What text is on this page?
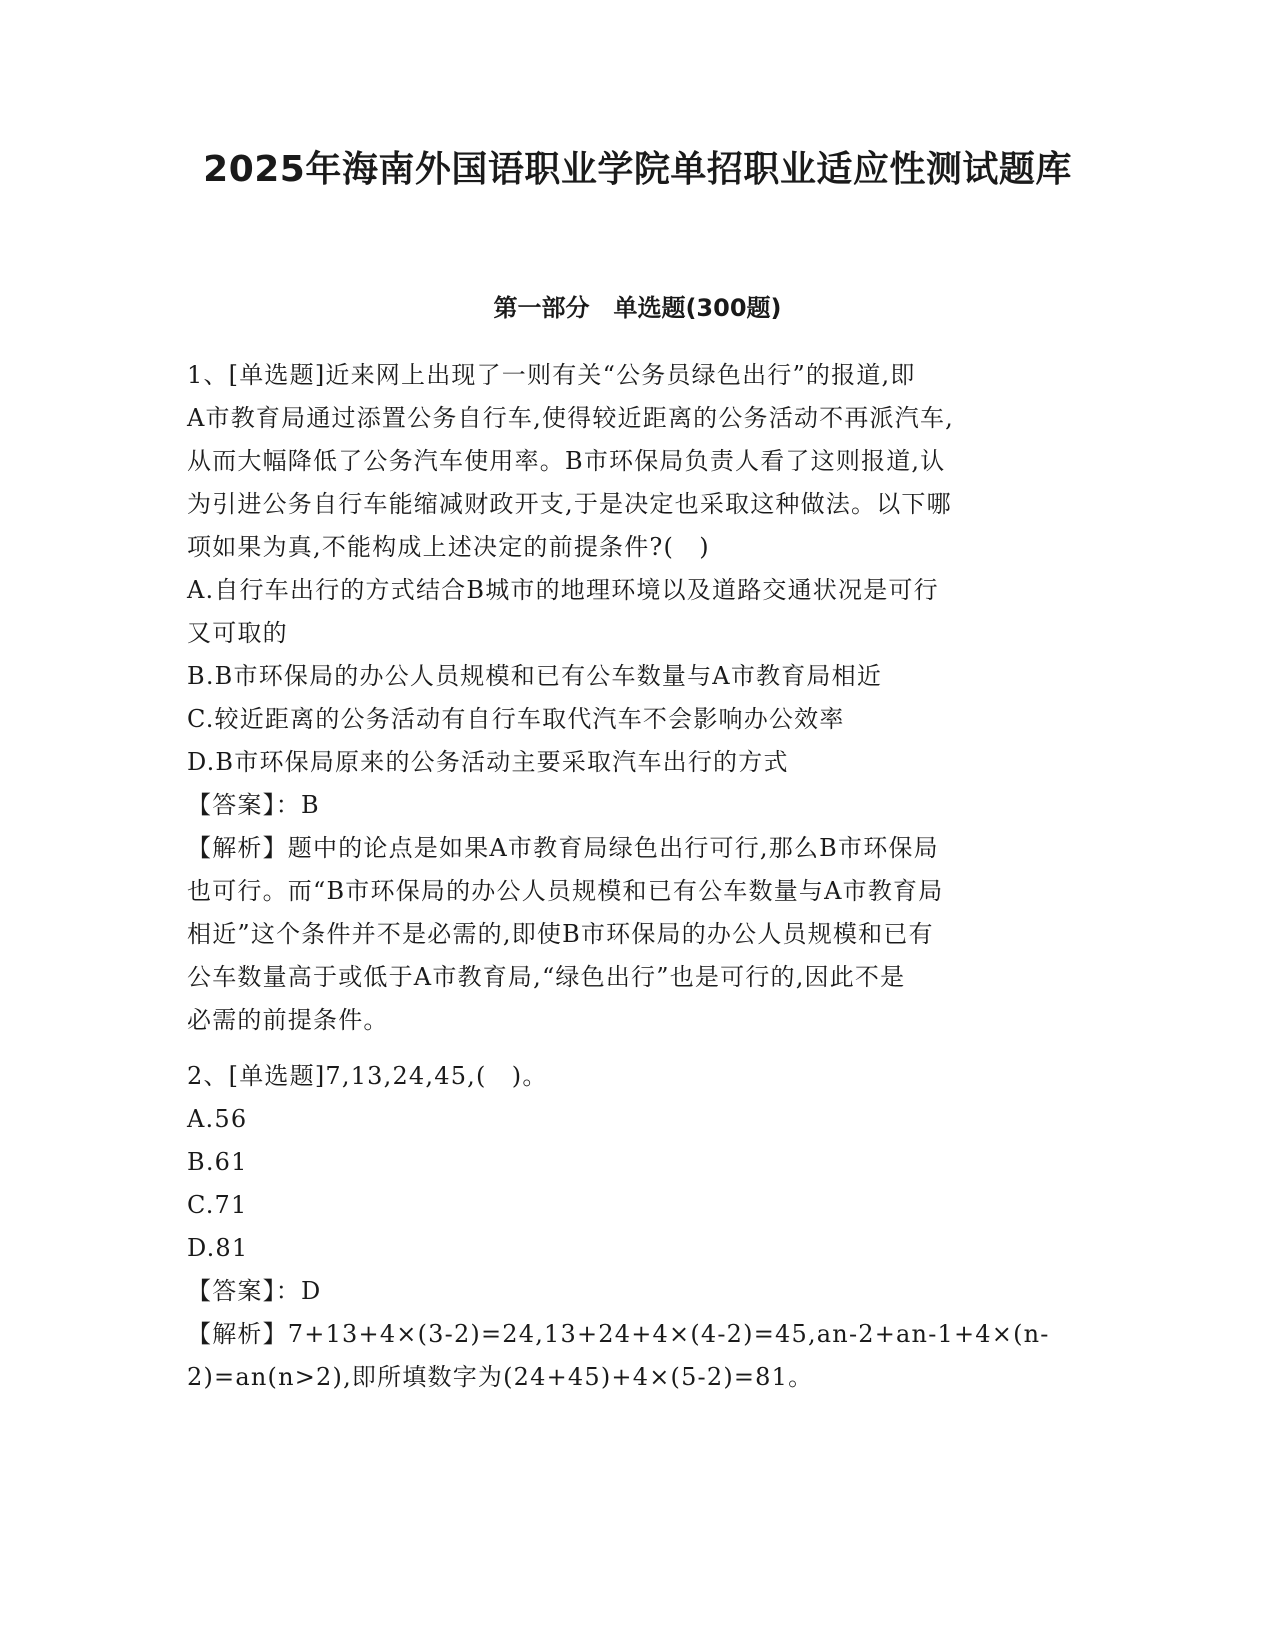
2025年海南外国语职业学院单招职业适应性测试题库
第一部分　单选题(300题)

1、[单选题]近来网上出现了一则有关“公务员绿色出行”的报道,即

A市教育局通过添置公务自行车,使得较近距离的公务活动不再派汽车,

从而大幅降低了公务汽车使用率。B市环保局负责人看了这则报道,认

为引进公务自行车能缩减财政开支,于是决定也采取这种做法。以下哪

项如果为真,不能构成上述决定的前提条件?(　)

A.自行车出行的方式结合B城市的地理环境以及道路交通状况是可行

又可取的

B.B市环保局的办公人员规模和已有公车数量与A市教育局相近

C.较近距离的公务活动有自行车取代汽车不会影响办公效率

D.B市环保局原来的公务活动主要采取汽车出行的方式

【答案】：B

【解析】题中的论点是如果A市教育局绿色出行可行,那么B市环保局

也可行。而“B市环保局的办公人员规模和已有公车数量与A市教育局

相近”这个条件并不是必需的,即使B市环保局的办公人员规模和已有

公车数量高于或低于A市教育局,“绿色出行”也是可行的,因此不是

必需的前提条件。

2、[单选题]7,13,24,45,(　)。

A.56

B.61

C.71

D.81

【答案】：D

【解析】7+13+4×(3-2)=24,13+24+4×(4-2)=45,an-2+an-1+4×(n-

2)=an(n>2),即所填数字为(24+45)+4×(5-2)=81。
